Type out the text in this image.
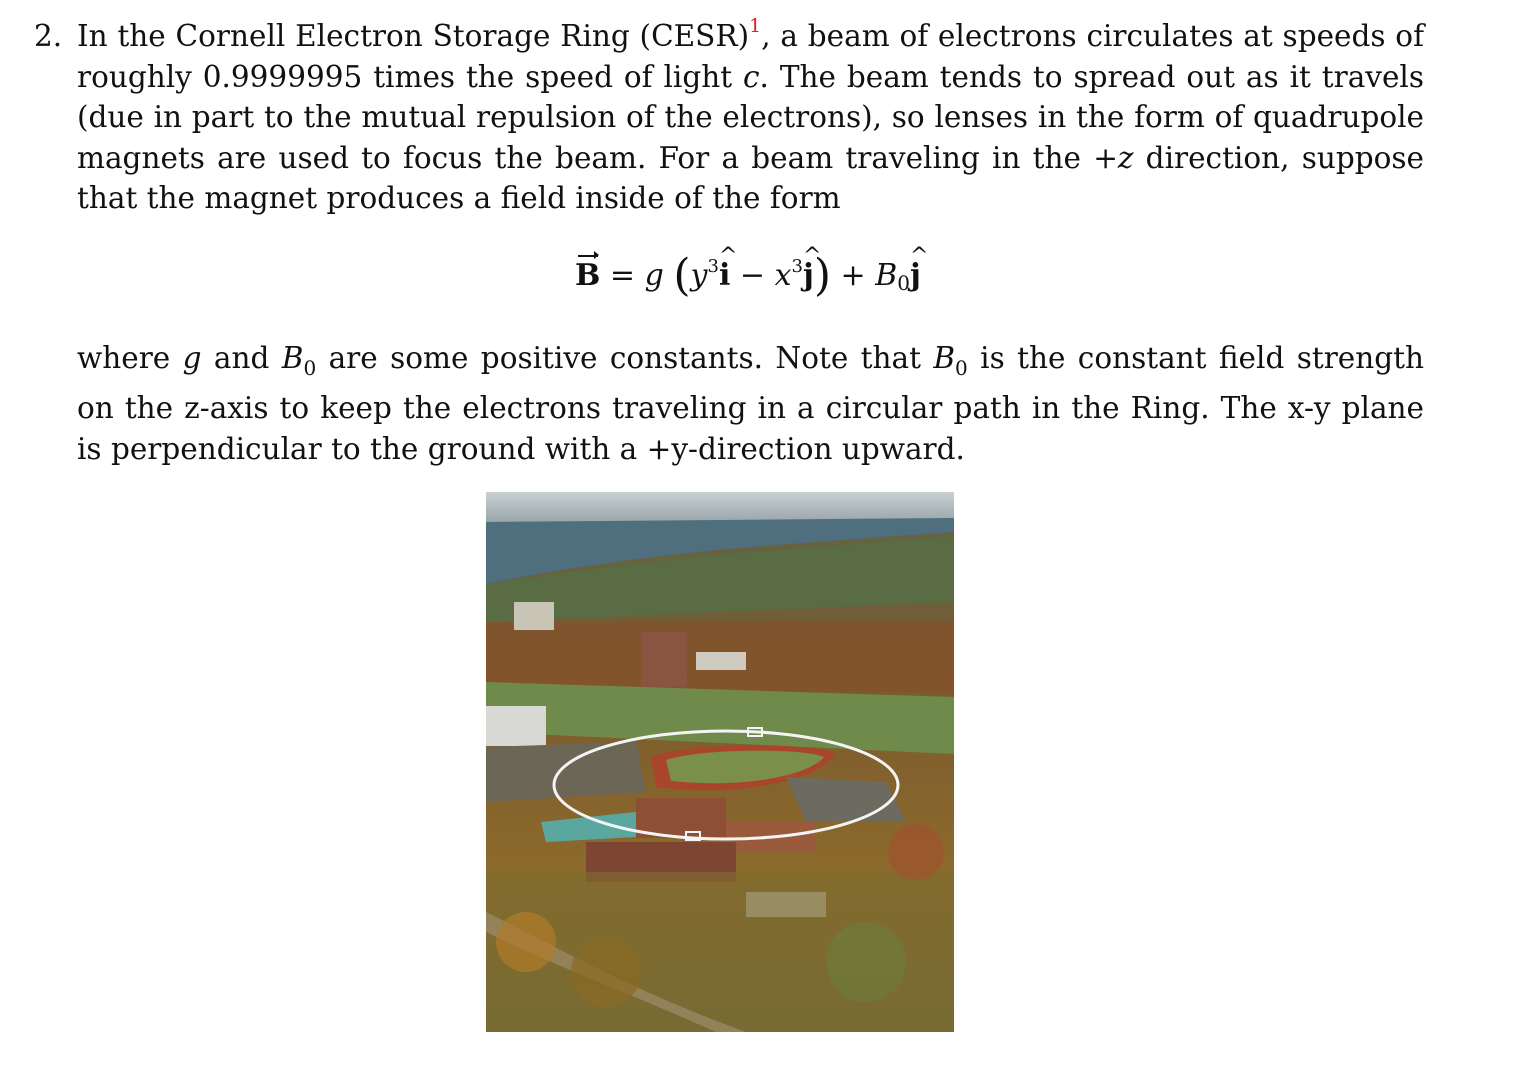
2. In the Cornell Electron Storage Ring (CESR)$^1$, a beam of electrons circulates at speeds of roughly 0.9999995 times the speed of light c. The beam tends to spread out as it travels (due in part to the mutual repulsion of the electrons), so lenses in the form of quadrupole magnets are used to focus the beam. For a beam traveling in the +z direction, suppose that the magnet produces a field inside of the form

B = g ($y^3\^{}$ $i - x^3\^{}$ $j) + B_0\^{}$ j

where g and $B_0$ are some positive constants. Note that $B_0$ is the constant field strength on the z-axis to keep the electrons traveling in a circular path in the Ring. The x-y plane is perpendicular to the ground with a +y-direction upward.
